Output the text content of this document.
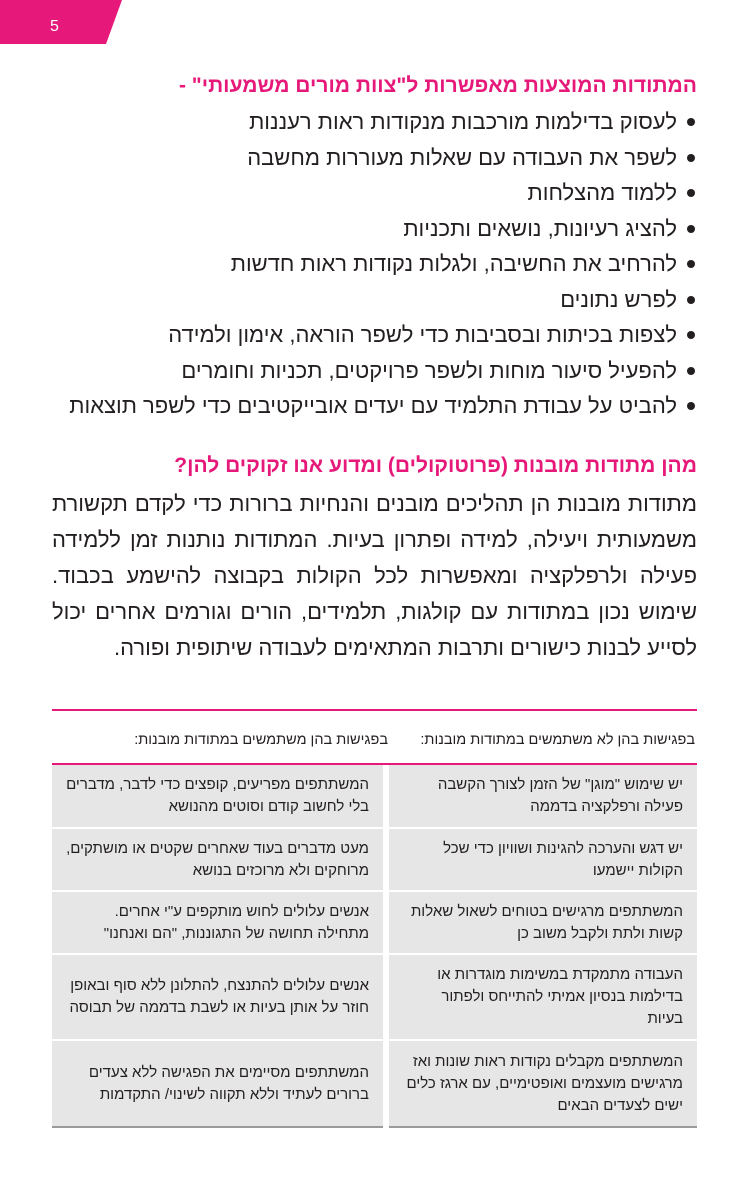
5
המתודות המוצעות מאפשרות ל"צוות מורים משמעותי" -
לעסוק בדילמות מורכבות מנקודות ראות רעננות
לשפר את העבודה עם שאלות מעוררות מחשבה
ללמוד מהצלחות
להציג רעיונות, נושאים ותכניות
להרחיב את החשיבה, ולגלות נקודות ראות חדשות
לפרש נתונים
לצפות בכיתות ובסביבות כדי לשפר הוראה, אימון ולמידה
להפעיל סיעור מוחות ולשפר פרויקטים, תכניות וחומרים
להביט על עבודת התלמיד עם יעדים אובייקטיבים כדי לשפר תוצאות
מהן מתודות מובנות (פרוטוקולים) ומדוע אנו זקוקים להן?

מתודות מובנות הן תהליכים מובנים והנחיות ברורות כדי לקדם תקשורת משמעותית ויעילה, למידה ופתרון בעיות. המתודות נותנות זמן ללמידה פעילה ולרפלקציה ומאפשרות לכל הקולות בקבוצה להישמע בכבוד. שימוש נכון במתודות עם קולגות, תלמידים, הורים וגורמים אחרים יכול לסייע לבנות כישורים ותרבות המתאימים לעבודה שיתופית ופורה.

בפגישות בהן לא משתמשים במתודות מובנות:
בפגישות בהן משתמשים במתודות מובנות:
יש שימוש "מוגן" של הזמן לצורך הקשבה פעילה ורפלקציה בדממה	המשתתפים מפריעים, קופצים כדי לדבר, מדברים בלי לחשוב קודם וסוטים מהנושא
יש דגש והערכה להגינות ושוויון כדי שכל הקולות יישמעו	מעט מדברים בעוד שאחרים שקטים או מושתקים, מרוחקים ולא מרוכזים בנושא
המשתתפים מרגישים בטוחים לשאול שאלות קשות ולתת ולקבל משוב כן	אנשים עלולים לחוש מותקפים ע"י אחרים. מתחילה תחושה של התגוננות, "הם ואנחנו"
העבודה מתמקדת במשימות מוגדרות או בדילמות בנסיון אמיתי להתייחס ולפתור בעיות	אנשים עלולים להתנצח, להתלונן ללא סוף ובאופן חוזר על אותן בעיות או לשבת בדממה של תבוסה
המשתתפים מקבלים נקודות ראות שונות ואז מרגישים מועצמים ואופטימיים, עם ארגז כלים ישים לצעדים הבאים	המשתתפים מסיימים את הפגישה ללא צעדים ברורים לעתיד וללא תקווה לשינוי/ התקדמות
